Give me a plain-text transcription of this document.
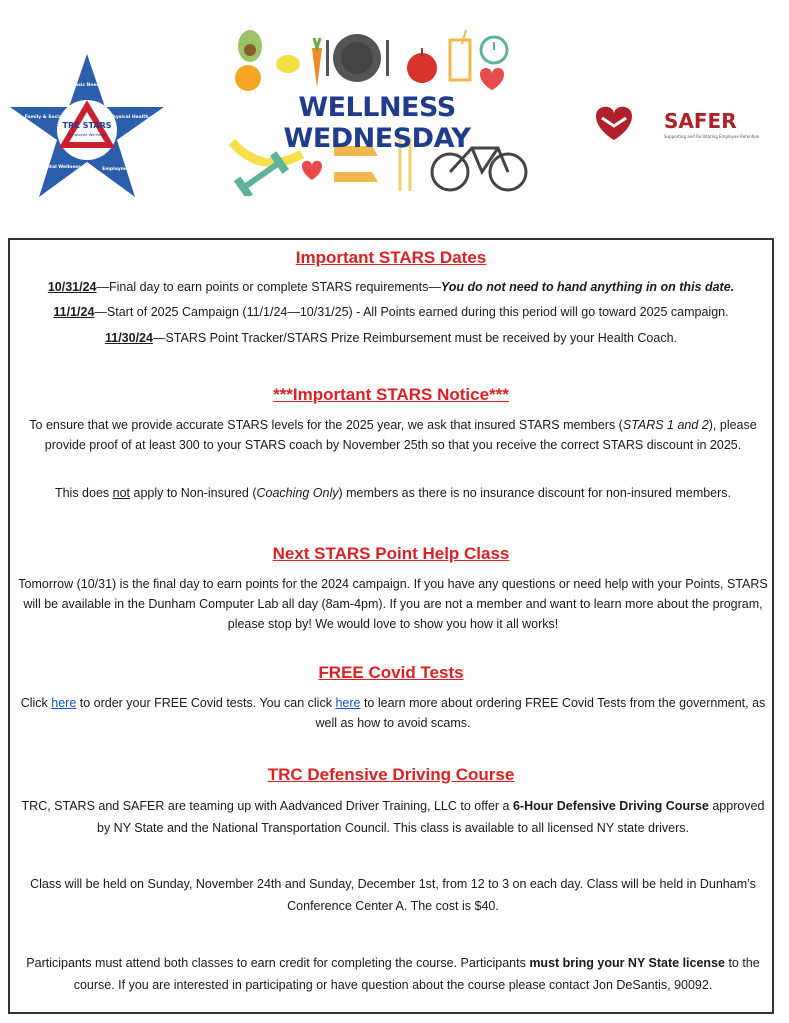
TRC STARS
Employee Wellness
Basic Needs
Physical Health
Employment
Mental Wellness
Family & Social	WELLNESS WEDNESDAY
SAFER
Supporting and Facilitating Employee Retention
Important STARS Dates
10/31/24—Final day to earn points or complete STARS requirements—You do not need to hand anything in on this date.
11/1/24—Start of 2025 Campaign (11/1/24—10/31/25) - All Points earned during this period will go toward 2025 campaign.
11/30/24—STARS Point Tracker/STARS Prize Reimbursement must be received by your Health Coach.
***Important STARS Notice***
To ensure that we provide accurate STARS levels for the 2025 year, we ask that insured STARS members (STARS 1 and 2), please provide proof of at least 300 to your STARS coach by November 25th so that you receive the correct STARS discount in 2025.
This does not apply to Non-insured (Coaching Only) members as there is no insurance discount for non-insured members.
Next STARS Point Help Class
Tomorrow (10/31) is the final day to earn points for the 2024 campaign. If you have any questions or need help with your Points, STARS will be available in the Dunham Computer Lab all day (8am-4pm). If you are not a member and want to learn more about the program, please stop by! We would love to show you how it all works!
FREE Covid Tests
Click here to order your FREE Covid tests. You can click here to learn more about ordering FREE Covid Tests from the government, as well as how to avoid scams.
TRC Defensive Driving Course
TRC, STARS and SAFER are teaming up with Aadvanced Driver Training, LLC to offer a 6-Hour Defensive Driving Course approved by NY State and the National Transportation Council. This class is available to all licensed NY state drivers.
Class will be held on Sunday, November 24th and Sunday, December 1st, from 12 to 3 on each day. Class will be held in Dunham’s Conference Center A. The cost is $40.
Participants must attend both classes to earn credit for completing the course. Participants must bring your NY State license to the course. If you are interested in participating or have question about the course please contact Jon DeSantis, 90092.
